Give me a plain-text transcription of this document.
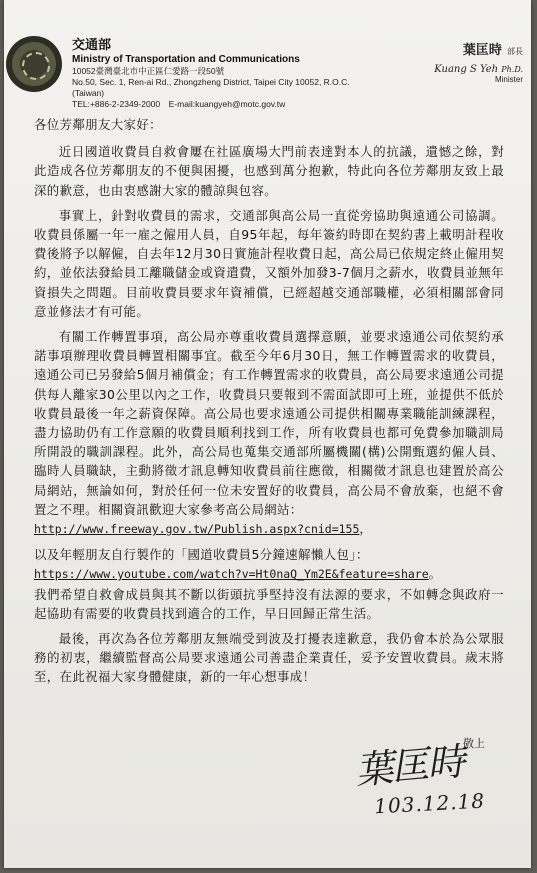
交通部
Ministry of Transportation and Communications
10052臺灣臺北市中正區仁愛路一段50號
No.50, Sec. 1, Ren-ai Rd., Zhongzheng District, Taipei City 10052, R.O.C. (Taiwan)
TEL:+886-2-2349-2000　E-mail:kuangyeh@motc.gov.tw
葉匡時 部長
Kuang S Yeh Ph.D.
Minister

各位芳鄰朋友大家好：

近日國道收費員自救會屢在社區廣場大門前表達對本人的抗議，遺憾之餘，對此造成各位芳鄰朋友的不便與困擾，也感到萬分抱歉，特此向各位芳鄰朋友致上最深的歉意，也由衷感謝大家的體諒與包容。

事實上，針對收費員的需求，交通部與高公局一直從旁協助與遠通公司協調。收費員係屬一年一雇之僱用人員，自95年起，每年簽約時即在契約書上載明計程收費後將予以解僱，自去年12月30日實施計程收費日起，高公局已依規定終止僱用契約，並依法發給員工離職儲金或資遣費，又額外加發3-7個月之薪水，收費員並無年資損失之問題。目前收費員要求年資補償，已經超越交通部職權，必須相關部會同意並修法才有可能。

有關工作轉置事項，高公局亦尊重收費員選擇意願，並要求遠通公司依契約承諾事項辦理收費員轉置相關事宜。截至今年6月30日，無工作轉置需求的收費員，遠通公司已另發給5個月補償金；有工作轉置需求的收費員，高公局要求遠通公司提供每人離家30公里以內之工作，收費員只要報到不需面試即可上班，並提供不低於收費員最後一年之薪資保障。高公局也要求遠通公司提供相關專業職能訓練課程，盡力協助仍有工作意願的收費員順利找到工作，所有收費員也都可免費參加職訓局所開設的職訓課程。此外，高公局也蒐集交通部所屬機關(構)公開甄選約僱人員、臨時人員職缺，主動將徵才訊息轉知收費員前往應徵，相關徵才訊息也建置於高公局網站，無論如何，對於任何一位未安置好的收費員，高公局不會放棄，也絕不會置之不理。相關資訊歡迎大家參考高公局網站：
http://www.freeway.gov.tw/Publish.aspx?cnid=155，

以及年輕朋友自行製作的「國道收費員5分鐘速解懶人包」：
https://www.youtube.com/watch?v=Ht0naQ_Ym2E&feature=share。
我們希望自救會成員與其不斷以街頭抗爭堅持沒有法源的要求，不如轉念與政府一起協助有需要的收費員找到適合的工作，早日回歸正常生活。

最後，再次為各位芳鄰朋友無端受到波及打擾表達歉意，我仍會本於為公眾服務的初衷，繼續監督高公局要求遠通公司善盡企業責任，妥予安置收費員。歲末將至，在此祝福大家身體健康，新的一年心想事成！

葉匡時$^{敬上}$
103.12.18
